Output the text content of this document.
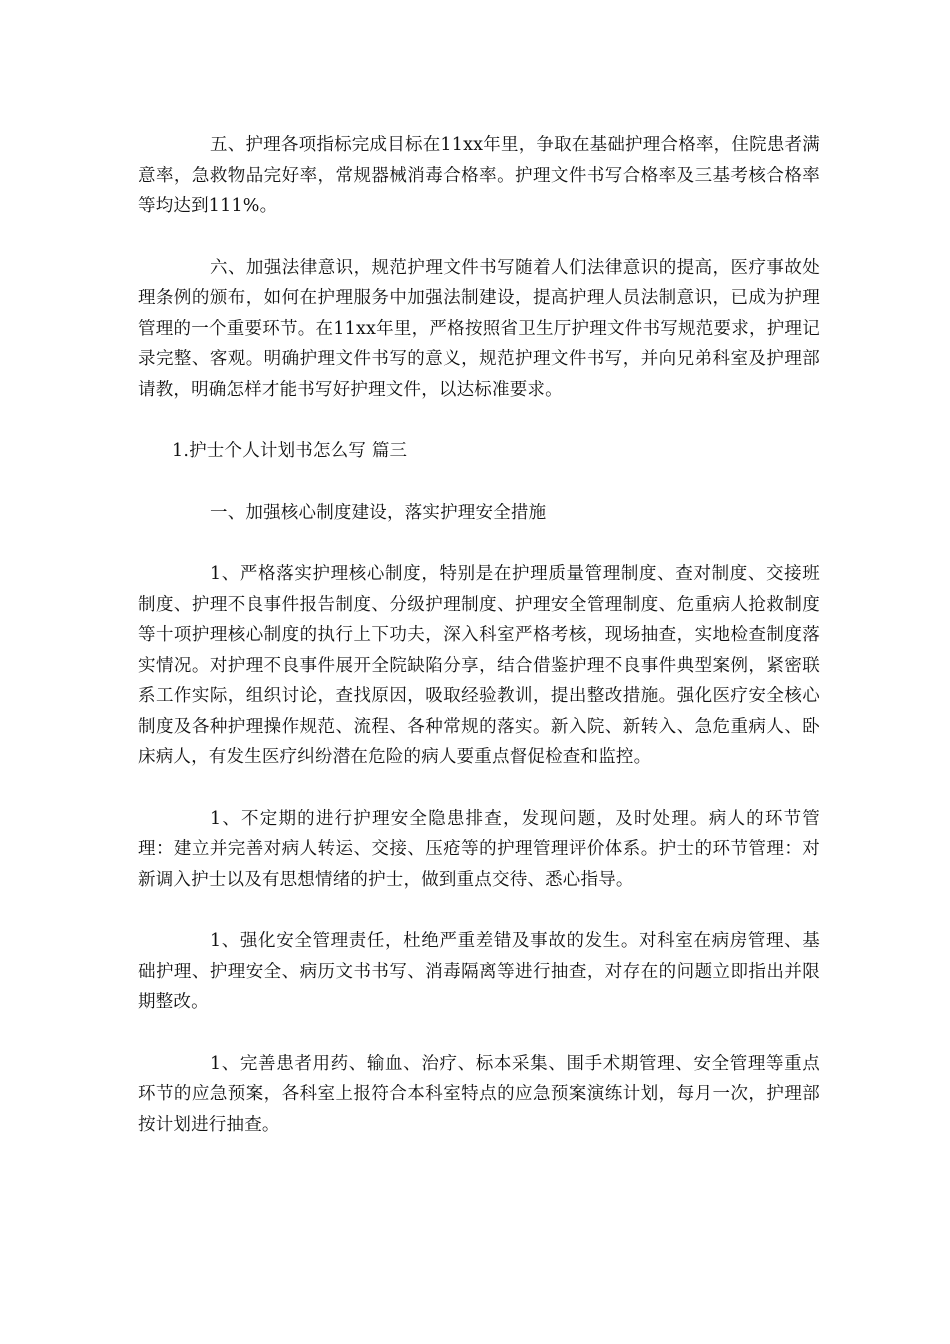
五、护理各项指标完成目标在11xx年里，争取在基础护理合格率，住院患者满意率，急救物品完好率，常规器械消毒合格率。护理文件书写合格率及三基考核合格率等均达到111%。

六、加强法律意识，规范护理文件书写随着人们法律意识的提高，医疗事故处理条例的颁布，如何在护理服务中加强法制建设，提高护理人员法制意识，已成为护理管理的一个重要环节。在11xx年里，严格按照省卫生厅护理文件书写规范要求，护理记录完整、客观。明确护理文件书写的意义，规范护理文件书写，并向兄弟科室及护理部请教，明确怎样才能书写好护理文件，以达标准要求。

1.护士个人计划书怎么写 篇三

一、加强核心制度建设，落实护理安全措施

1、严格落实护理核心制度，特别是在护理质量管理制度、查对制度、交接班制度、护理不良事件报告制度、分级护理制度、护理安全管理制度、危重病人抢救制度等十项护理核心制度的执行上下功夫，深入科室严格考核，现场抽查，实地检查制度落实情况。对护理不良事件展开全院缺陷分享，结合借鉴护理不良事件典型案例，紧密联系工作实际，组织讨论，查找原因，吸取经验教训，提出整改措施。强化医疗安全核心制度及各种护理操作规范、流程、各种常规的落实。新入院、新转入、急危重病人、卧床病人，有发生医疗纠纷潜在危险的病人要重点督促检查和监控。

1、不定期的进行护理安全隐患排查，发现问题，及时处理。病人的环节管理：建立并完善对病人转运、交接、压疮等的护理管理评价体系。护士的环节管理：对新调入护士以及有思想情绪的护士，做到重点交待、悉心指导。

1、强化安全管理责任，杜绝严重差错及事故的发生。对科室在病房管理、基础护理、护理安全、病历文书书写、消毒隔离等进行抽查，对存在的问题立即指出并限期整改。

1、完善患者用药、输血、治疗、标本采集、围手术期管理、安全管理等重点环节的应急预案，各科室上报符合本科室特点的应急预案演练计划，每月一次，护理部按计划进行抽查。
